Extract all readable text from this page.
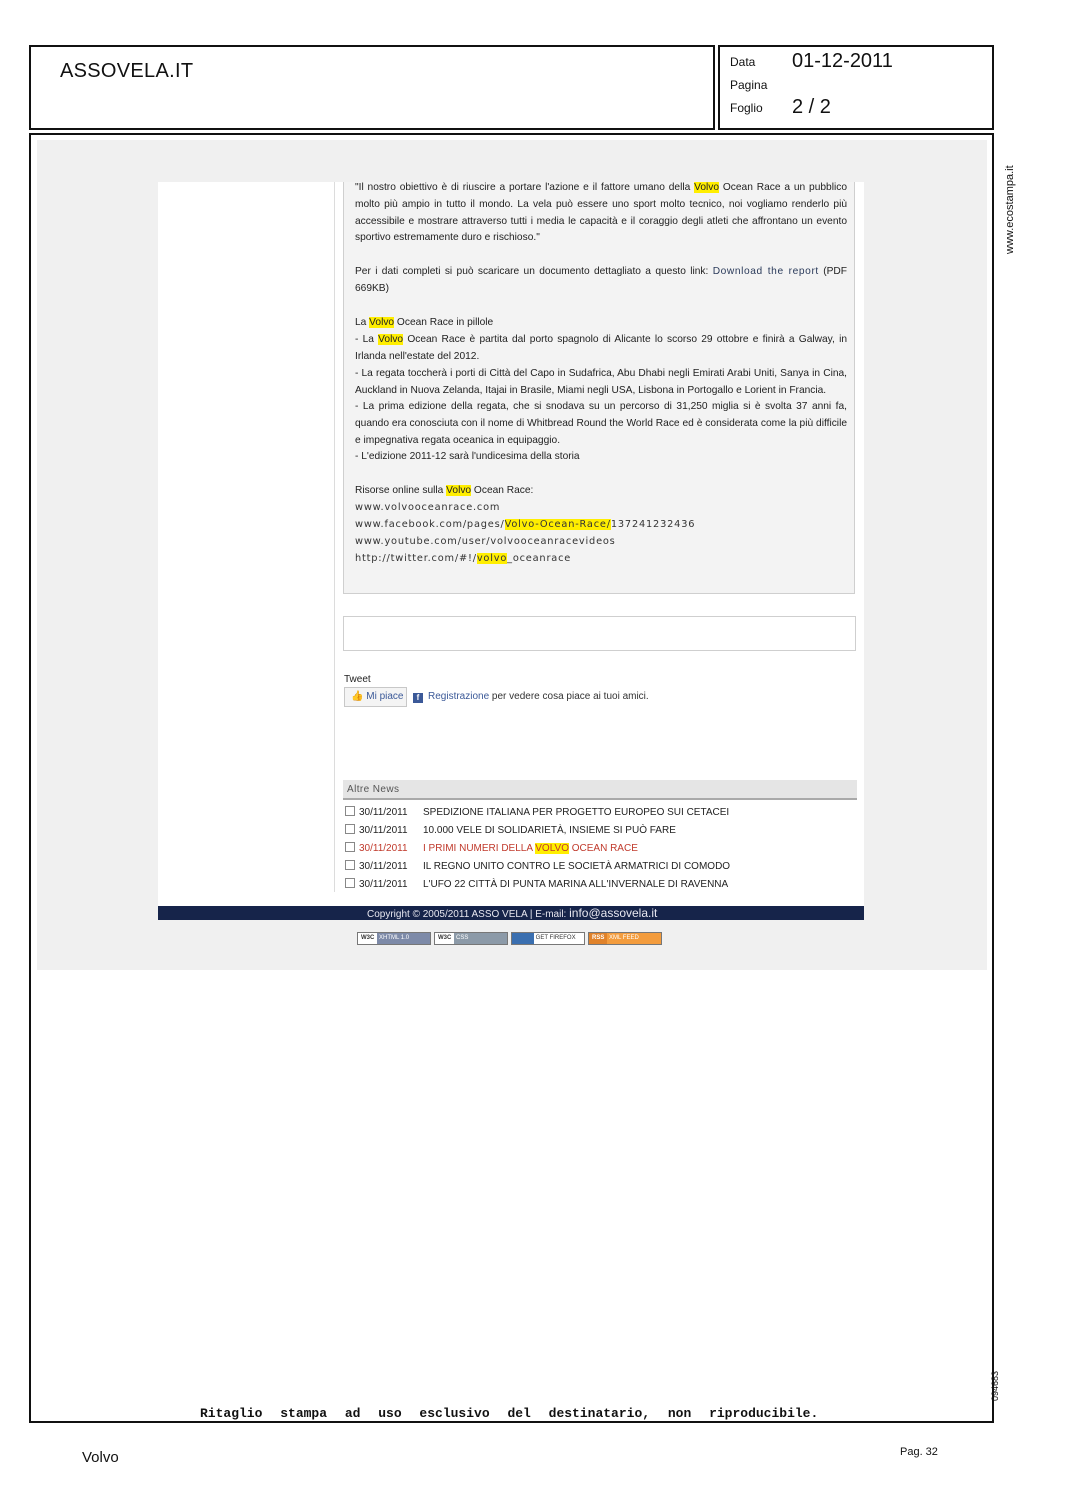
ASSOVELA.IT	Data 01-12-2011
Pagina
Foglio 2 / 2
"Il nostro obiettivo è di riuscire a portare l'azione e il fattore umano della Volvo Ocean Race a un pubblico molto più ampio in tutto il mondo. La vela può essere uno sport molto tecnico, noi vogliamo renderlo più accessibile e mostrare attraverso tutti i media le capacità e il coraggio degli atleti che affrontano un evento sportivo estremamente duro e rischioso."
Per i dati completi si può scaricare un documento dettagliato a questo link: Download the report (PDF 669KB)
La Volvo Ocean Race in pillole
- La Volvo Ocean Race è partita dal porto spagnolo di Alicante lo scorso 29 ottobre e finirà a Galway, in Irlanda nell'estate del 2012.
- La regata toccherà i porti di Città del Capo in Sudafrica, Abu Dhabi negli Emirati Arabi Uniti, Sanya in Cina, Auckland in Nuova Zelanda, Itajai in Brasile, Miami negli USA, Lisbona in Portogallo e Lorient in Francia.
- La prima edizione della regata, che si snodava su un percorso di 31,250 miglia si è svolta 37 anni fa, quando era conosciuta con il nome di Whitbread Round the World Race ed è considerata come la più difficile e impegnativa regata oceanica in equipaggio.
- L'edizione 2011-12 sarà l'undicesima della storia
Risorse online sulla Volvo Ocean Race:
www.volvooceanrace.com
www.facebook.com/pages/Volvo-Ocean-Race/137241232436
www.youtube.com/user/volvooceanracevideos
http://twitter.com/#!/volvo_oceanrace
Tweet
👍 Mi piace	f Registrazione per vedere cosa piace ai tuoi amici.
Altre News
30/11/2011 SPEDIZIONE ITALIANA PER PROGETTO EUROPEO SUI CETACEI
30/11/2011 10.000 VELE DI SOLIDARIETÀ, INSIEME SI PUÒ FARE
30/11/2011 I PRIMI NUMERI DELLA VOLVO OCEAN RACE
30/11/2011 IL REGNO UNITO CONTRO LE SOCIETÀ ARMATRICI DI COMODO
30/11/2011 L'UFO 22 CITTÀ DI PUNTA MARINA ALL'INVERNALE DI RAVENNA
Copyright © 2005/2011 ASSO VELA | E-mail: info@assovela.it
W3C XHTML 1.0	W3C CSS	GET FIREFOX	RSS XML FEED
www.ecostampa.it
094683
Ritaglio stampa ad uso esclusivo del destinatario, non riproducibile.
Volvo	Pag. 32
